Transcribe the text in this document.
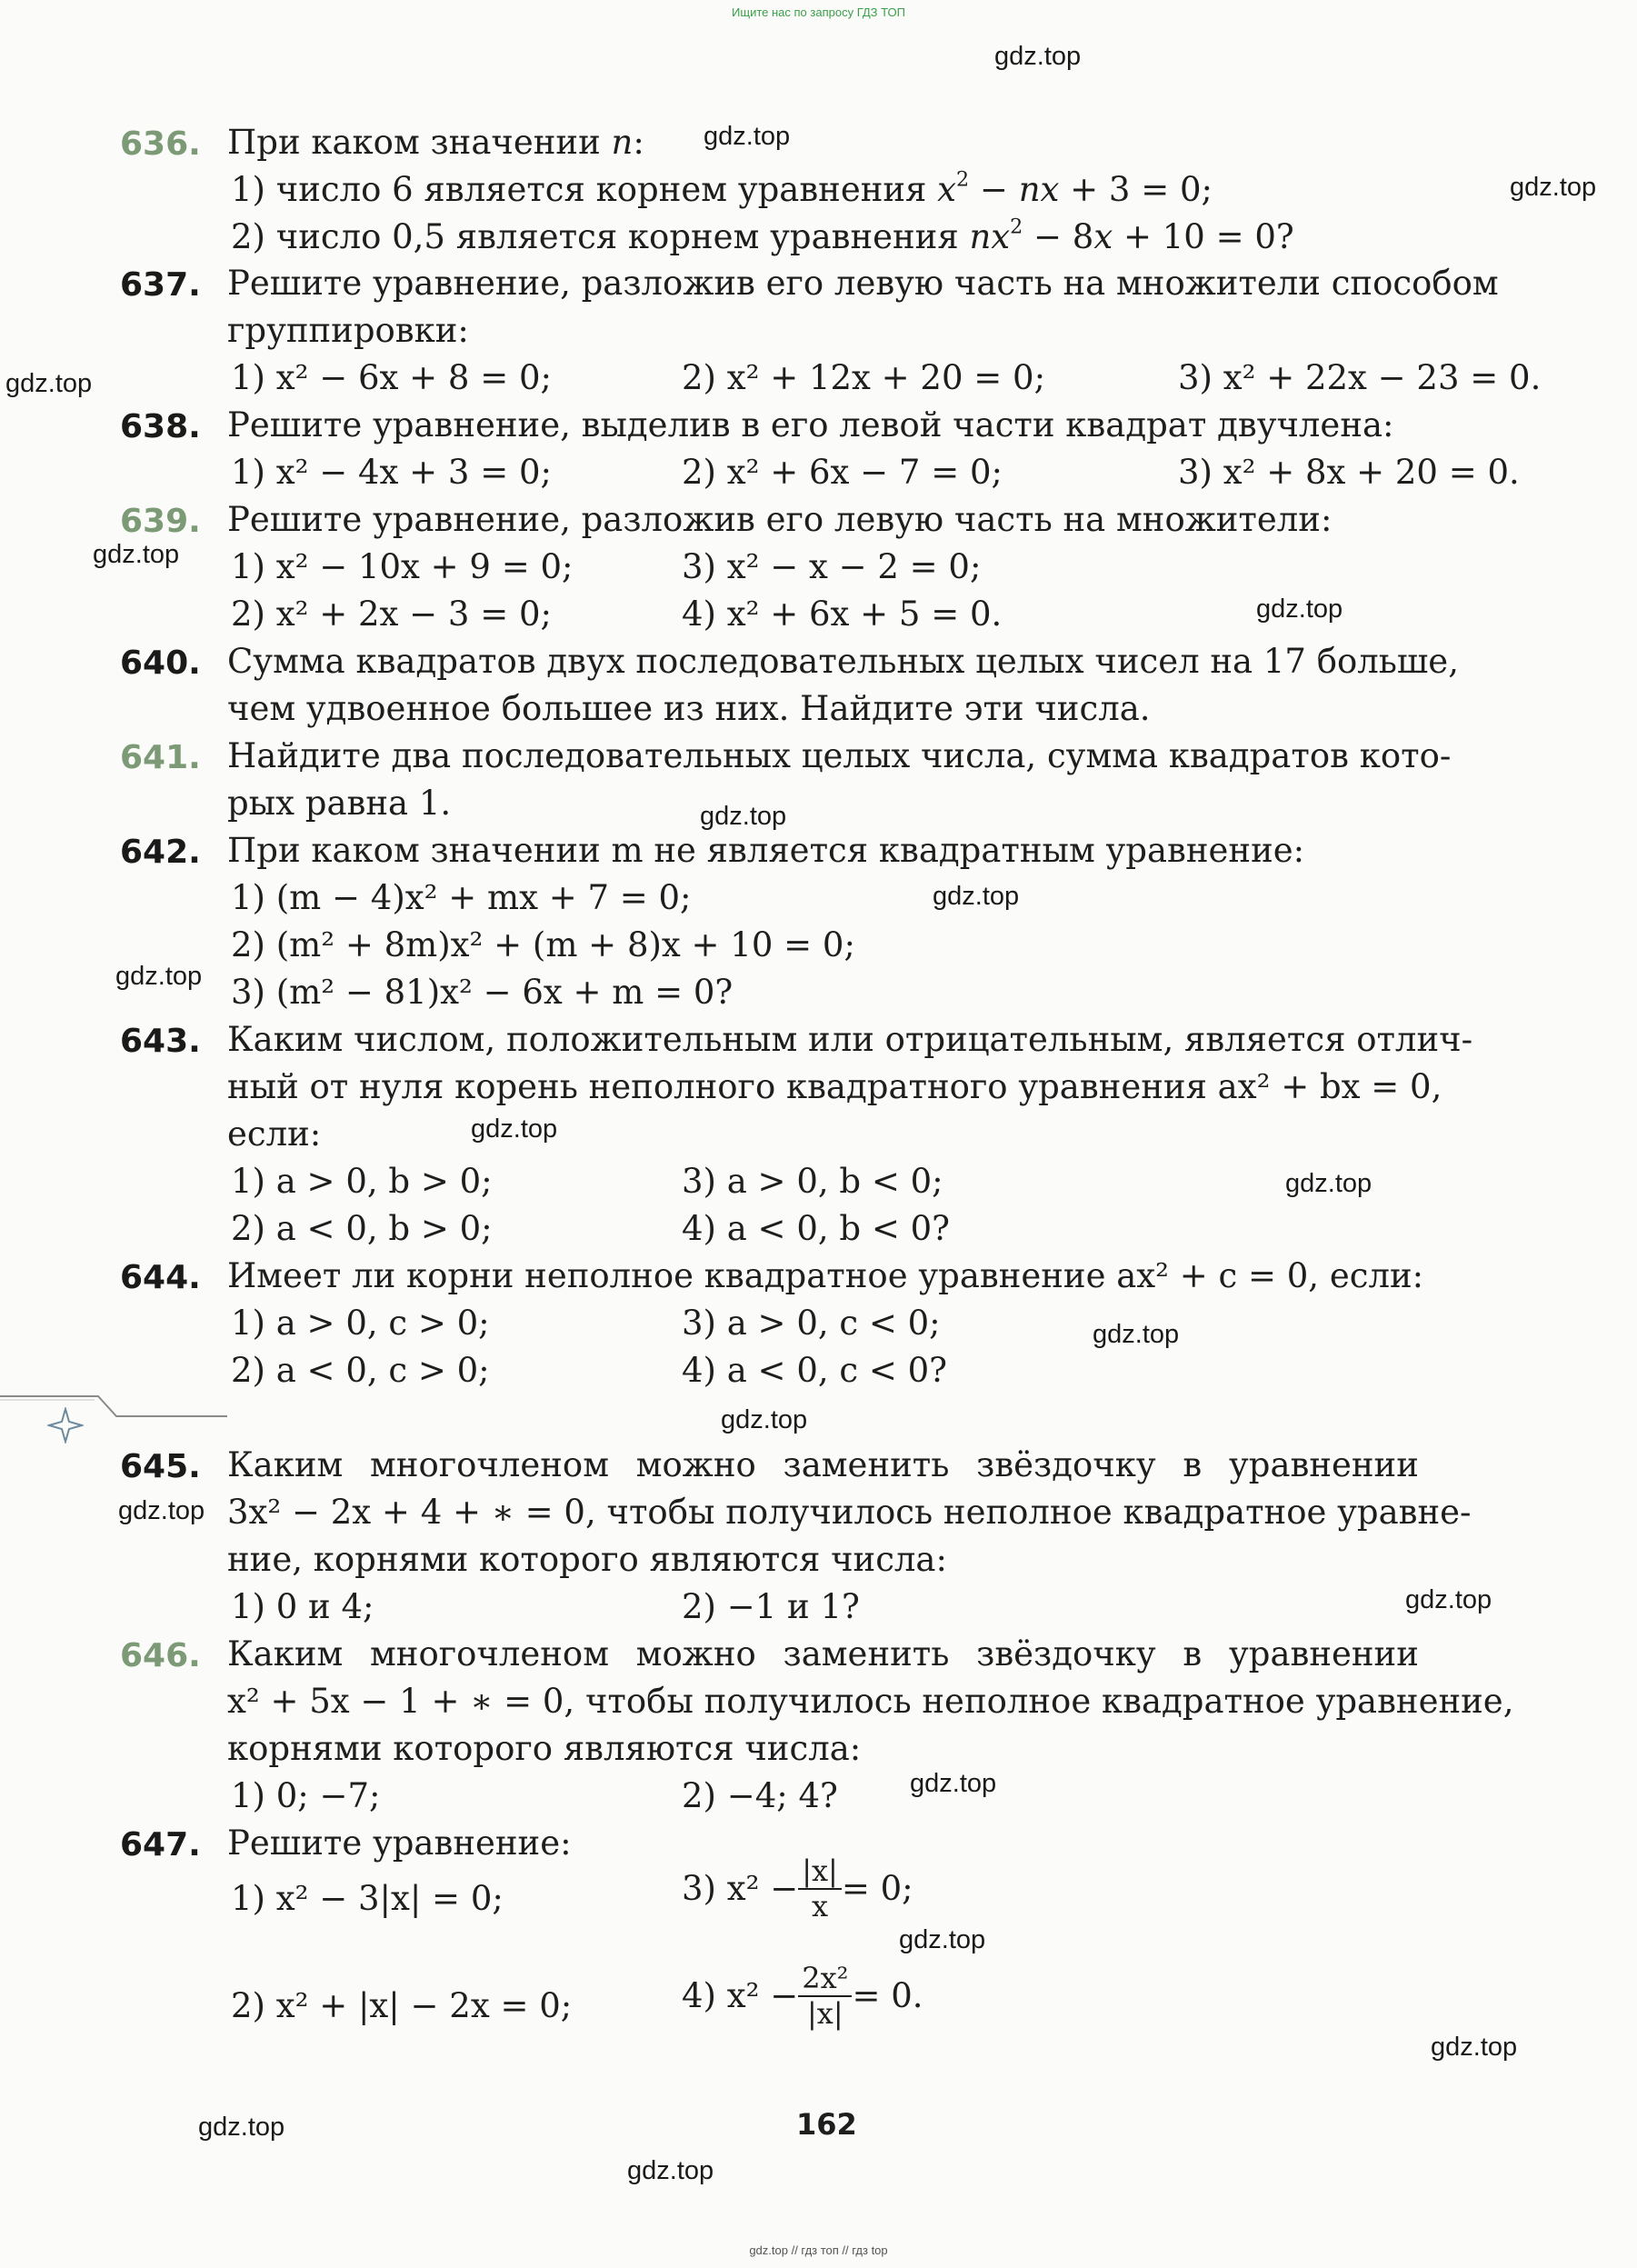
Ищите нас по запросу ГДЗ ТОП
gdz.top
gdz.top
gdz.top
gdz.top
gdz.top
gdz.top
gdz.top
gdz.top
gdz.top
gdz.top
gdz.top
gdz.top
gdz.top
gdz.top
gdz.top
gdz.top
gdz.top
gdz.top
gdz.top
gdz.top
636. При каком значении n:
1) число 6 является корнем уравнения $x^2$ − nx + 3 = 0;
2) число 0,5 является корнем уравнения $nx^2 - 8x + 10 = 0$?
637. Решите уравнение, разложив его левую часть на множители способом
группировки:
1) x² − 6x + 8 = 0;	2) x² + 12x + 20 = 0;	3) x² + 22x − 23 = 0.
638. Решите уравнение, выделив в его левой части квадрат двучлена:
1) x² − 4x + 3 = 0;	2) x² + 6x − 7 = 0;	3) x² + 8x + 20 = 0.
639. Решите уравнение, разложив его левую часть на множители:
1) x² − 10x + 9 = 0;	3) x² − x − 2 = 0;
2) x² + 2x − 3 = 0;	4) x² + 6x + 5 = 0.
640. Сумма квадратов двух последовательных целых чисел на 17 больше,
чем удвоенное большее из них. Найдите эти числа.
641. Найдите два последовательных целых числа, сумма квадратов кото-
рых равна 1.
642. При каком значении m не является квадратным уравнение:
1) (m − 4)x² + mx + 7 = 0;
2) (m² + 8m)x² + (m + 8)x + 10 = 0;
3) (m² − 81)x² − 6x + m = 0?
643. Каким числом, положительным или отрицательным, является отлич-
ный от нуля корень неполного квадратного уравнения ax² + bx = 0,
если:
1) a > 0, b > 0;	3) a > 0, b < 0;
2) a < 0, b > 0;	4) a < 0, b < 0?
644. Имеет ли корни неполное квадратное уравнение ax² + c = 0, если:
1) a > 0, c > 0;	3) a > 0, c < 0;
2) a < 0, c > 0;	4) a < 0, c < 0?
645. Каким многочленом можно заменить звёздочку в уравнении
3x² − 2x + 4 + ∗ = 0, чтобы получилось неполное квадратное уравне-
ние, корнями которого являются числа:
1) 0 и 4;	2) −1 и 1?
646. Каким многочленом можно заменить звёздочку в уравнении
x² + 5x − 1 + ∗ = 0, чтобы получилось неполное квадратное уравнение,
корнями которого являются числа:
1) 0; −7;	2) −4; 4?
647. Решите уравнение:
1) x² − 3|x| = 0;	3) $x^2 - \frac{|x|}{x} = 0$;
2) x² + |x| − 2x = 0;	4) $x^2 - \frac{\text{2x²}}{|x|} = 0$.
162
gdz.top // гдз топ // гдз top
